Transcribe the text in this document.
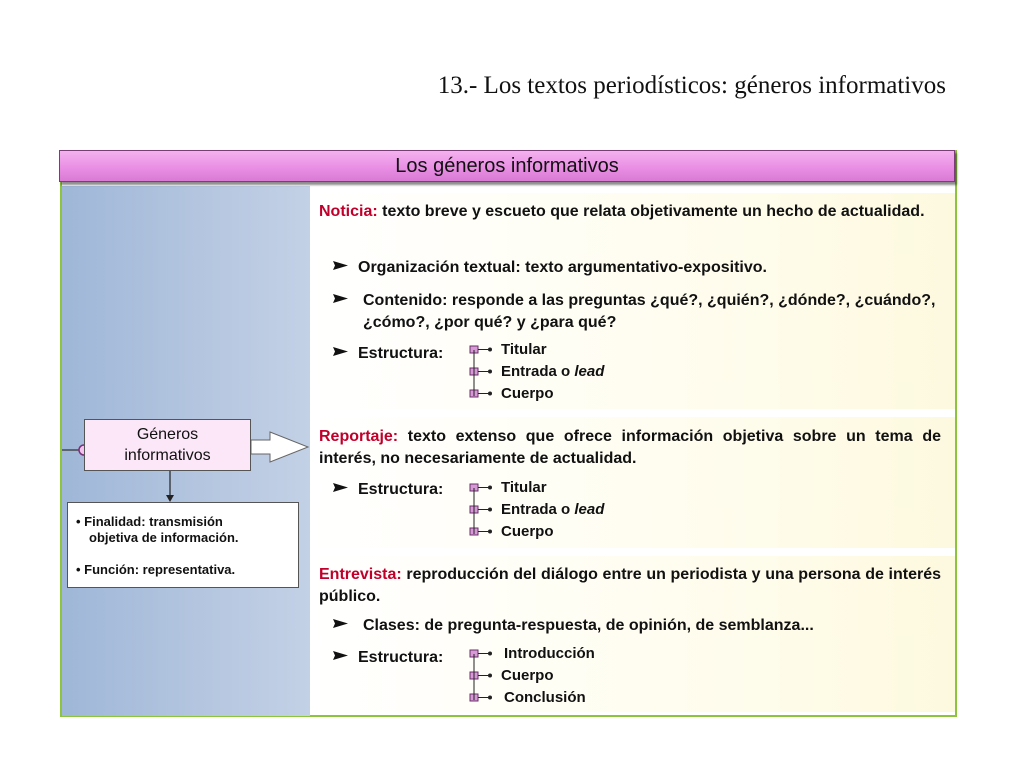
13.- Los textos periodísticos: géneros informativos
Los géneros informativos
Noticia: texto breve y escueto que relata objetivamente un hecho de actualidad.
Organización textual: texto argumentativo-expositivo.
Contenido: responde a las preguntas ¿qué?, ¿quién?, ¿dónde?, ¿cuándo?, ¿cómo?, ¿por qué? y ¿para qué?
Estructura:	Titular
Entrada o lead
Cuerpo
Reportaje: texto extenso que ofrece información objetiva sobre un tema de interés, no necesariamente de actualidad.
Estructura:	Titular
Entrada o lead
Cuerpo
Entrevista: reproducción del diálogo entre un periodista y una persona de interés público.
Clases: de pregunta-respuesta, de opinión, de semblanza...
Estructura:	Introducción
Cuerpo
Conclusión
Géneros
informativos
• Finalidad: transmisión
objetiva de información.
• Función: representativa.
